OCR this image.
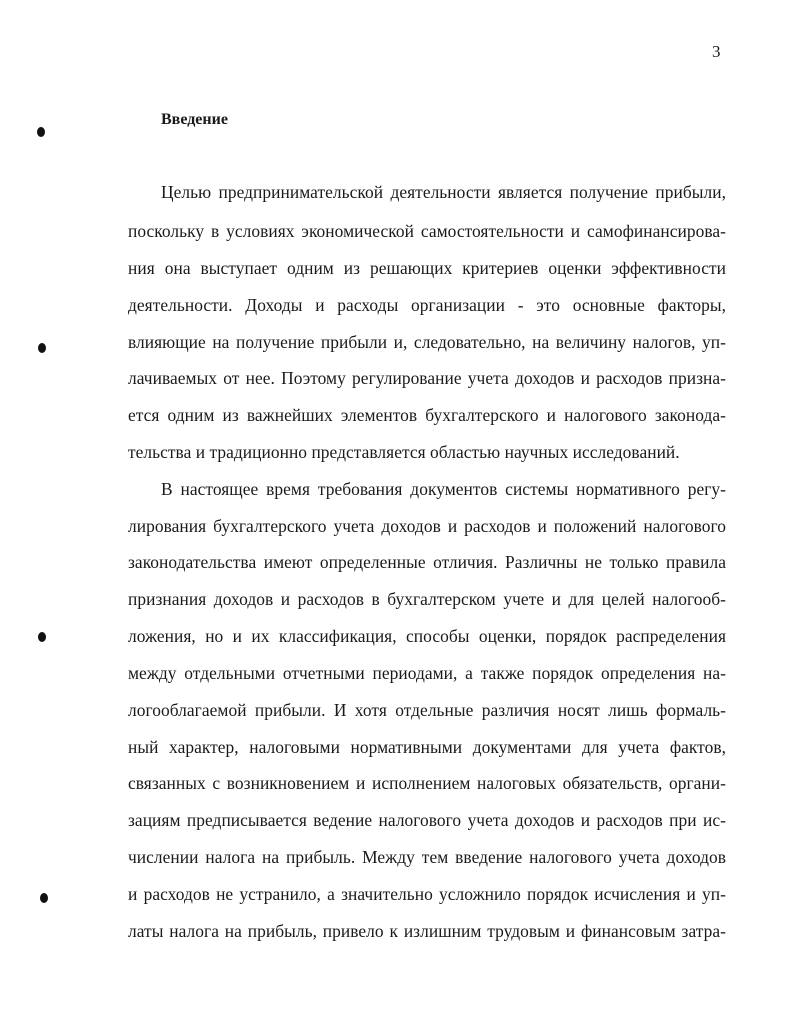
3
Введение
Целью предпринимательской деятельности является получение прибыли,
поскольку в условиях экономической самостоятельности и самофинансирова-
ния она выступает одним из решающих критериев оценки эффективности
деятельности. Доходы и расходы организации - это основные факторы,
влияющие на получение прибыли и, следовательно, на величину налогов, уп-
лачиваемых от нее. Поэтому регулирование учета доходов и расходов призна-
ется одним из важнейших элементов бухгалтерского и налогового законода-
тельства и традиционно представляется областью научных исследований.
В настоящее время требования документов системы нормативного регу-
лирования бухгалтерского учета доходов и расходов и положений налогового
законодательства имеют определенные отличия. Различны не только правила
признания доходов и расходов в бухгалтерском учете и для целей налогооб-
ложения, но и их классификация, способы оценки, порядок распределения
между отдельными отчетными периодами, а также порядок определения на-
логооблагаемой прибыли. И хотя отдельные различия носят лишь формаль-
ный характер, налоговыми нормативными документами для учета фактов,
связанных с возникновением и исполнением налоговых обязательств, органи-
зациям предписывается ведение налогового учета доходов и расходов при ис-
числении налога на прибыль. Между тем введение налогового учета доходов
и расходов не устранило, а значительно усложнило порядок исчисления и уп-
латы налога на прибыль, привело к излишним трудовым и финансовым затра-
